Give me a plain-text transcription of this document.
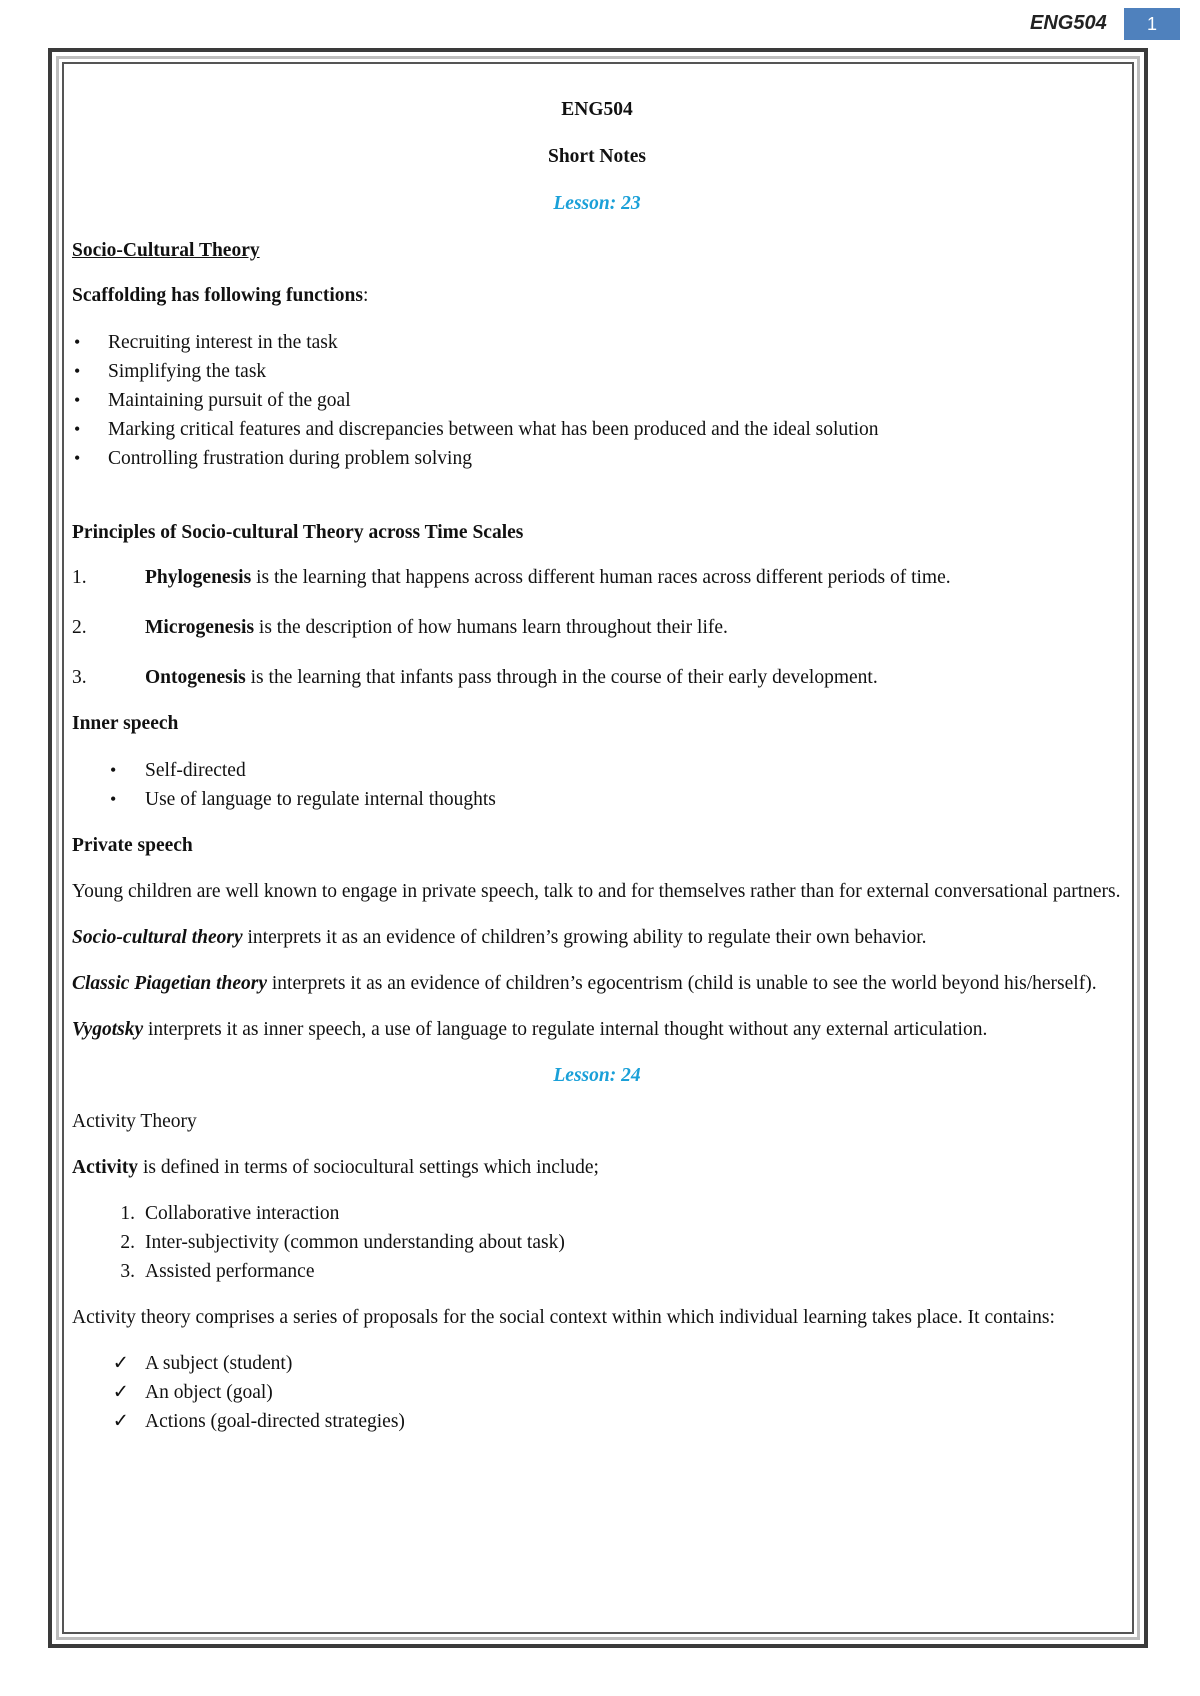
ENG504	1

ENG504

Short Notes

Lesson: 23

Socio-Cultural Theory

Scaffolding has following functions:

• Recruiting interest in the task
• Simplifying the task
• Maintaining pursuit of the goal
• Marking critical features and discrepancies between what has been produced and the ideal solution
• Controlling frustration during problem solving

Principles of Socio-cultural Theory across Time Scales

1.	Phylogenesis is the learning that happens across different human races across different periods of time.
2.	Microgenesis is the description of how humans learn throughout their life.
3.	Ontogenesis is the learning that infants pass through in the course of their early development.

Inner speech

• Self-directed
• Use of language to regulate internal thoughts

Private speech

Young children are well known to engage in private speech, talk to and for themselves rather than for external conversational partners.

Socio-cultural theory interprets it as an evidence of children’s growing ability to regulate their own behavior.

Classic Piagetian theory interprets it as an evidence of children’s egocentrism (child is unable to see the world beyond his/herself).

Vygotsky interprets it as inner speech, a use of language to regulate internal thought without any external articulation.

Lesson: 24

Activity Theory

Activity is defined in terms of sociocultural settings which include;

1. Collaborative interaction
2. Inter-subjectivity (common understanding about task)
3. Assisted performance

Activity theory comprises a series of proposals for the social context within which individual learning takes place. It contains:

✓ A subject (student)
✓ An object (goal)
✓ Actions (goal-directed strategies)
